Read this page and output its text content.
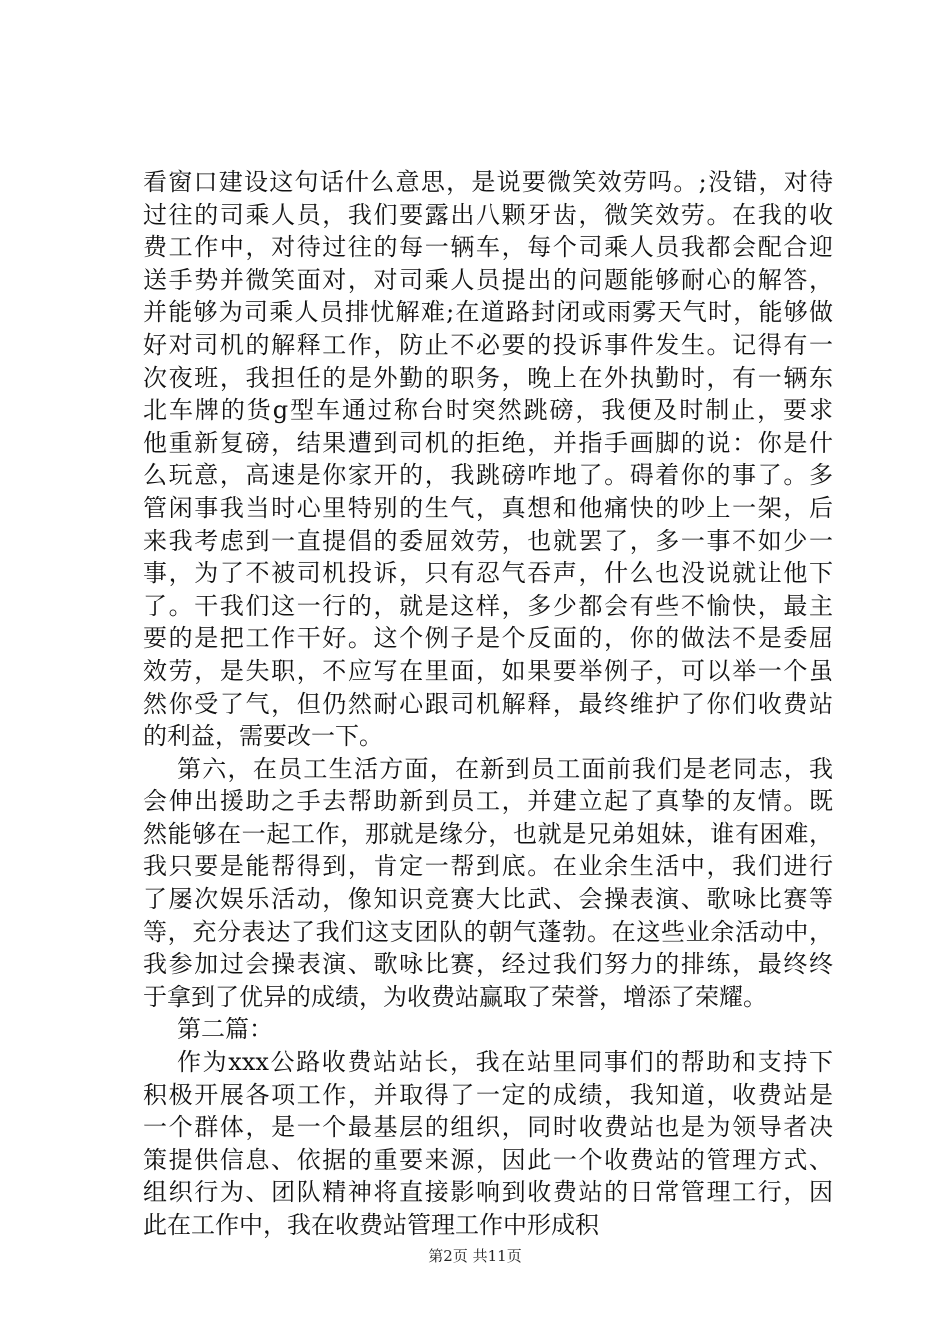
看窗口建设这句话什么意思，是说要微笑效劳吗。;没错，对待
过往的司乘人员，我们要露出八颗牙齿，微笑效劳。在我的收
费工作中，对待过往的每一辆车，每个司乘人员我都会配合迎
送手势并微笑面对，对司乘人员提出的问题能够耐心的解答，
并能够为司乘人员排忧解难;在道路封闭或雨雾天气时，能够做
好对司机的解释工作，防止不必要的投诉事件发生。记得有一
次夜班，我担任的是外勤的职务，晚上在外执勤时，有一辆东
北车牌的货g型车通过称台时突然跳磅，我便及时制止，要求
他重新复磅，结果遭到司机的拒绝，并指手画脚的说：你是什
么玩意，高速是你家开的，我跳磅咋地了。碍着你的事了。多
管闲事我当时心里特别的生气，真想和他痛快的吵上一架，后
来我考虑到一直提倡的委屈效劳，也就罢了，多一事不如少一
事，为了不被司机投诉，只有忍气吞声，什么也没说就让他下
了。干我们这一行的，就是这样，多少都会有些不愉快，最主
要的是把工作干好。这个例子是个反面的，你的做法不是委屈
效劳，是失职，不应写在里面，如果要举例子，可以举一个虽
然你受了气，但仍然耐心跟司机解释，最终维护了你们收费站
的利益，需要改一下。
第六，在员工生活方面，在新到员工面前我们是老同志，我
会伸出援助之手去帮助新到员工，并建立起了真挚的友情。既
然能够在一起工作，那就是缘分，也就是兄弟姐妹，谁有困难，
我只要是能帮得到，肯定一帮到底。在业余生活中，我们进行
了屡次娱乐活动，像知识竞赛大比武、会操表演、歌咏比赛等
等，充分表达了我们这支团队的朝气蓬勃。在这些业余活动中，
我参加过会操表演、歌咏比赛，经过我们努力的排练，最终终
于拿到了优异的成绩，为收费站赢取了荣誉，增添了荣耀。
第二篇：
作为xxx公路收费站站长，我在站里同事们的帮助和支持下
积极开展各项工作，并取得了一定的成绩，我知道，收费站是
一个群体，是一个最基层的组织，同时收费站也是为领导者决
策提供信息、依据的重要来源，因此一个收费站的管理方式、
组织行为、团队精神将直接影响到收费站的日常管理工行，因
此在工作中，我在收费站管理工作中形成积
第2页 共11页
